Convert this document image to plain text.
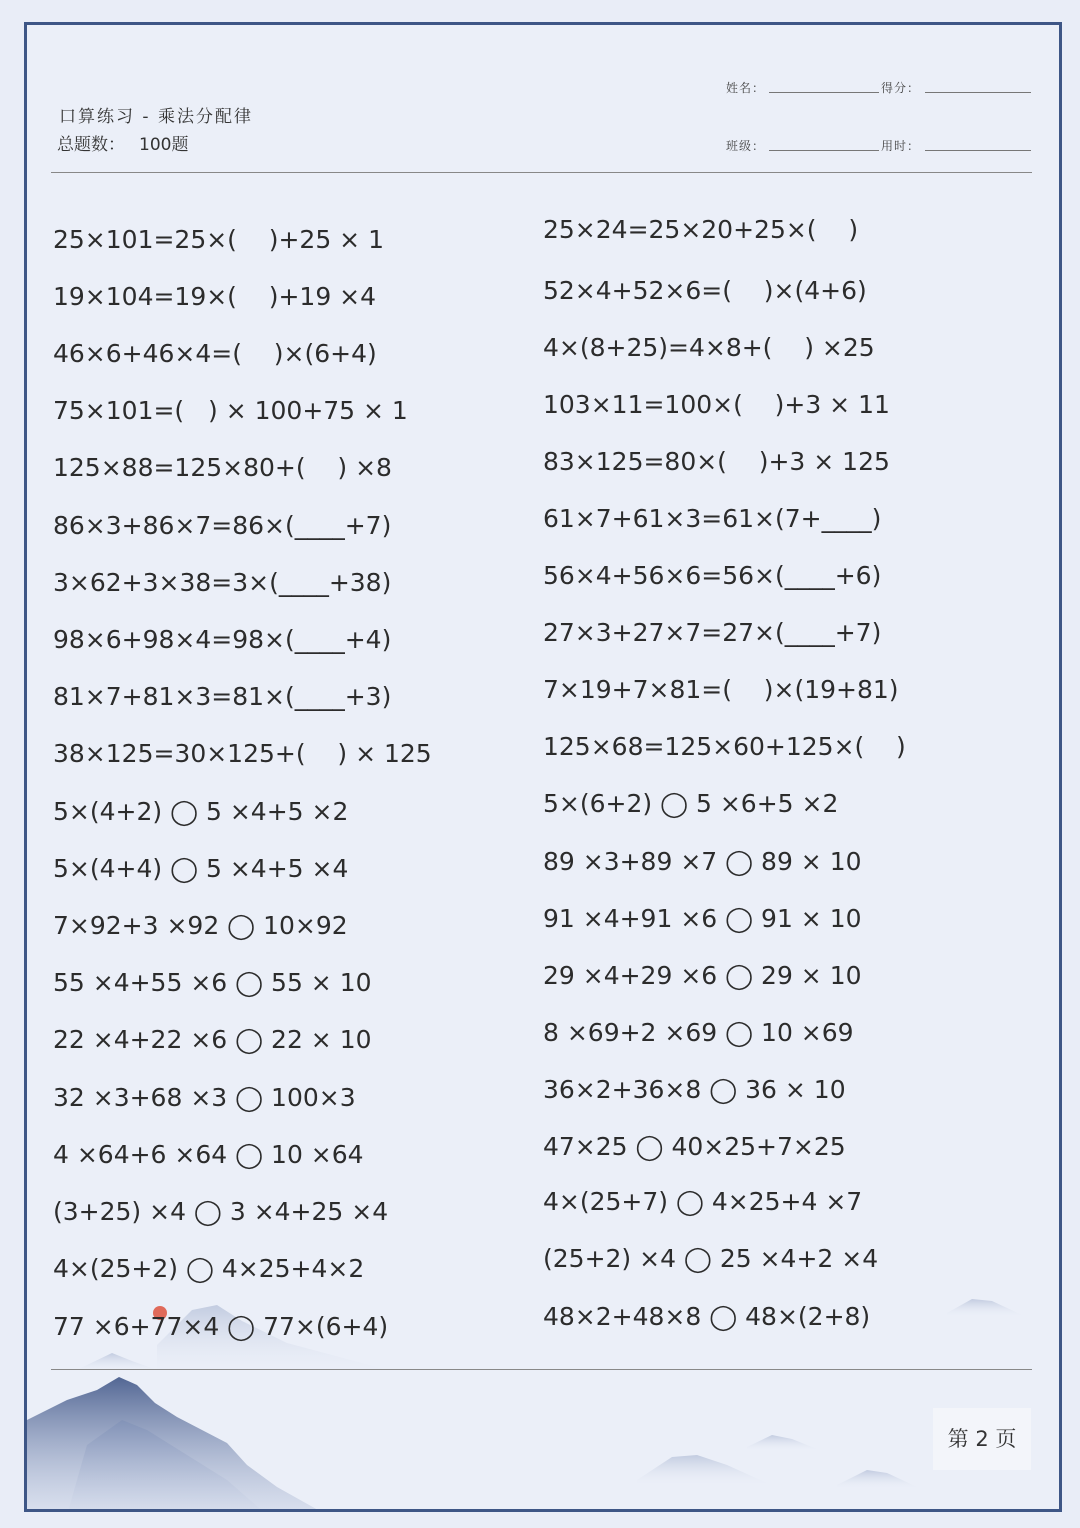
口算练习 - 乘法分配律
总题数： 100题
姓名：	得分：
班级：	用时：
25×101=25×(    )+25 × 1
19×104=19×(    )+19 ×4
46×6+46×4=(    )×(6+4)
75×101=(   ) × 100+75 × 1
125×88=125×80+(    ) ×8
86×3+86×7=86×(____+7)
3×62+3×38=3×(____+38)
98×6+98×4=98×(____+4)
81×7+81×3=81×(____+3)
38×125=30×125+(    ) × 125
5×(4+2) ◯ 5 ×4+5 ×2
5×(4+4) ◯ 5 ×4+5 ×4
7×92+3 ×92 ◯ 10×92
55 ×4+55 ×6 ◯ 55 × 10
22 ×4+22 ×6 ◯ 22 × 10
32 ×3+68 ×3 ◯ 100×3
4 ×64+6 ×64 ◯ 10 ×64
(3+25) ×4 ◯ 3 ×4+25 ×4
4×(25+2) ◯ 4×25+4×2
77 ×6+77×4 ◯ 77×(6+4)
25×24=25×20+25×(    )
52×4+52×6=(    )×(4+6)
4×(8+25)=4×8+(    ) ×25
103×11=100×(    )+3 × 11
83×125=80×(    )+3 × 125
61×7+61×3=61×(7+____)
56×4+56×6=56×(____+6)
27×3+27×7=27×(____+7)
7×19+7×81=(    )×(19+81)
125×68=125×60+125×(    )
5×(6+2) ◯ 5 ×6+5 ×2
89 ×3+89 ×7 ◯ 89 × 10
91 ×4+91 ×6 ◯ 91 × 10
29 ×4+29 ×6 ◯ 29 × 10
8 ×69+2 ×69 ◯ 10 ×69
36×2+36×8 ◯ 36 × 10
47×25 ◯ 40×25+7×25
4×(25+7) ◯ 4×25+4 ×7
(25+2) ×4 ◯ 25 ×4+2 ×4
48×2+48×8 ◯ 48×(2+8)
第 2 页
